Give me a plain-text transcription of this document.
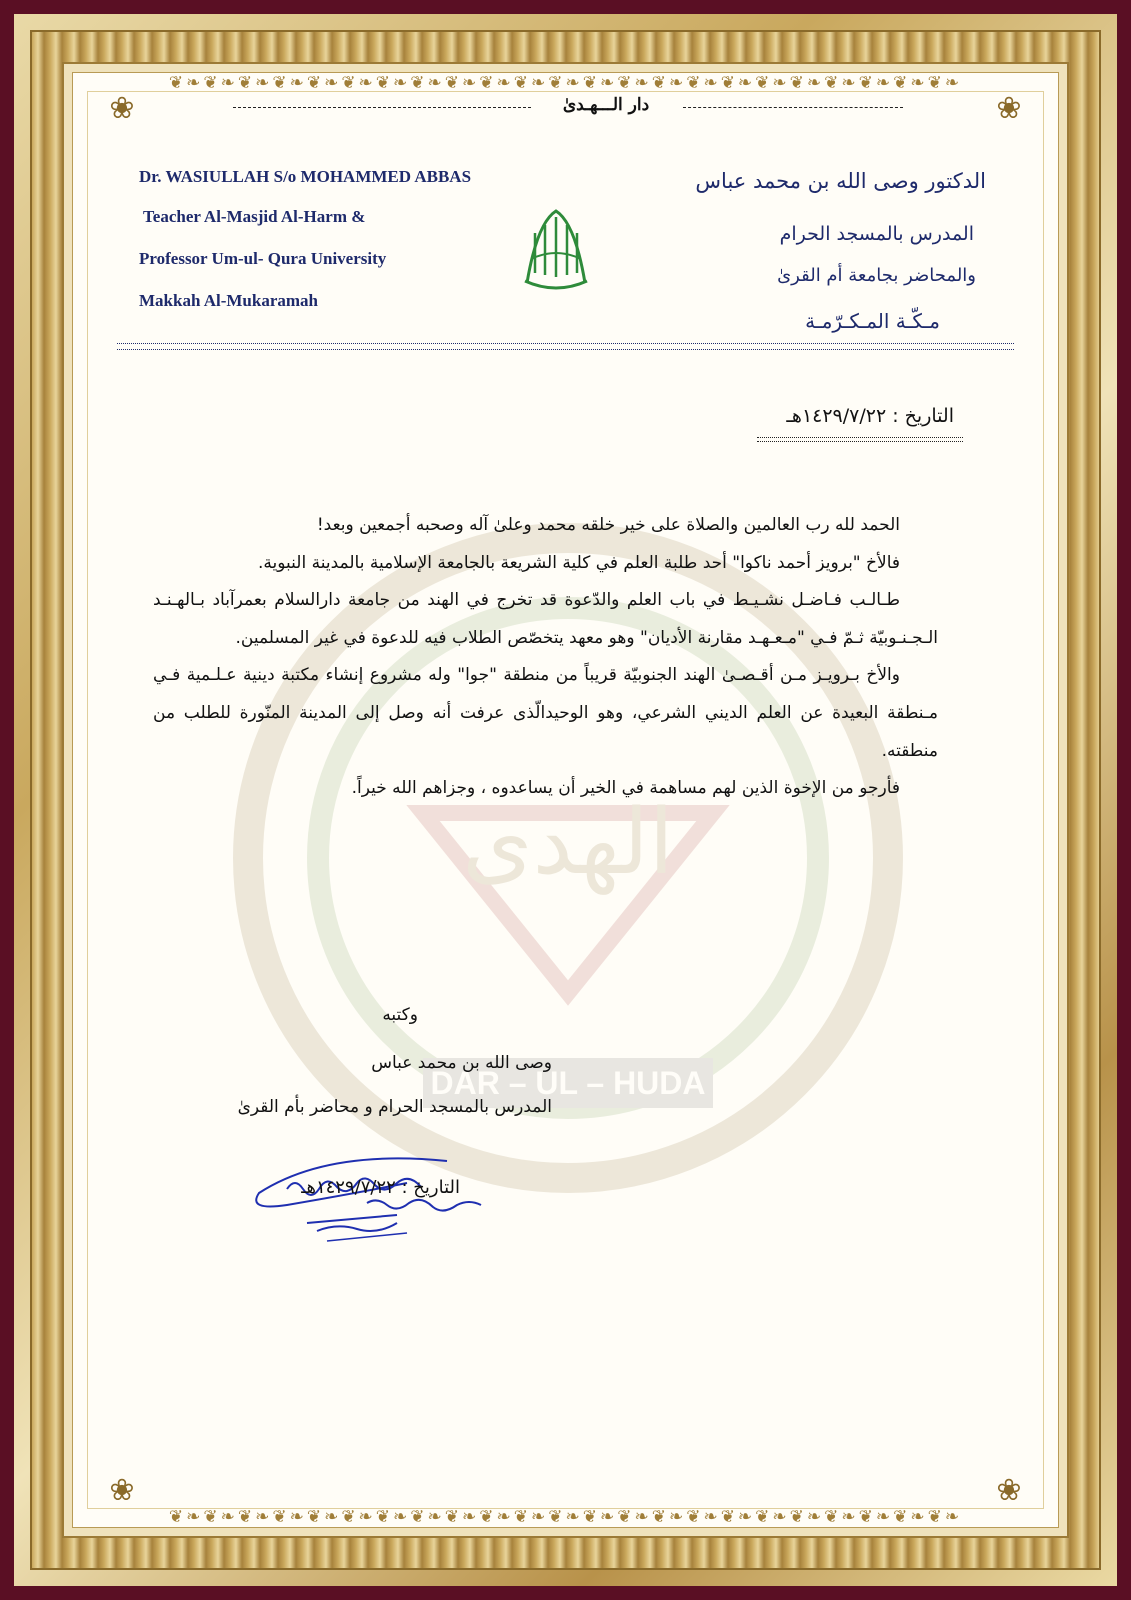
❦❧❦❧❦❧❦❧❦❧❦❧❦❧❦❧❦❧❦❧❦❧❦❧❦❧❦❧❦❧❦❧❦❧❦❧❦❧❦❧❦❧❦❧❦❧
❦❧❦❧❦❧❦❧❦❧❦❧❦❧❦❧❦❧❦❧❦❧❦❧❦❧❦❧❦❧❦❧❦❧❦❧❦❧❦❧❦❧❦❧❦❧
❀	❀
❀	❀
الهدى
DAR – UL – HUDA
دار الـــهـدىٰ
Dr. WASIULLAH S/o MOHAMMED ABBAS
Teacher Al-Masjid Al-Harm &
Professor Um-ul- Qura University
Makkah Al-Mukaramah
الدكتور وصى الله بن محمد عباس
المدرس بالمسجد الحرام
والمحاضر بجامعة أم القرىٰ
مـكّـة المـكـرّمـة
التاريخ : ١٤٢٩/٧/٢٢هـ

الحمد لله رب العالمين والصلاة على خير خلقه محمد وعلىٰ آله وصحبه أجمعين وبعد!

فالأخ "برويز أحمد ناكوا" أحد طلبة العلم في كلية الشريعة بالجامعة الإسلامية بالمدينة النبوية.

طـالـب فـاضـل نشـيـط في باب العلم والدّعوة قد تخرج في الهند من جامعة دارالسلام بعمرآباد بـالهـنـد الـجـنـوبيّة ثـمّ فـي "مـعـهـد مقارنة الأديان" وهو معهد يتخصّص الطلاب فيه للدعوة في غير المسلمين.

والأخ بـرويـز مـن أقـصـىٰ الهند الجنوبيّة قريباً من منطقة "جوا" وله مشروع إنشاء مكتبة دينية عـلـمية فـي مـنطقة البعيدة عن العلم الديني الشرعي، وهو الوحيدالّذى عرفت أنه وصل إلى المدينة المنّورة للطلب من منطقته.

فأرجو من الإخوة الذين لهم مساهمة في الخير أن يساعدوه ، وجزاهم الله خيراً.

وكتبه
وصى الله بن محمد عباس
المدرس بالمسجد الحرام و محاضر بأم القرىٰ
التاريخ : ١٤٢٩/٧/٢٢هـ
